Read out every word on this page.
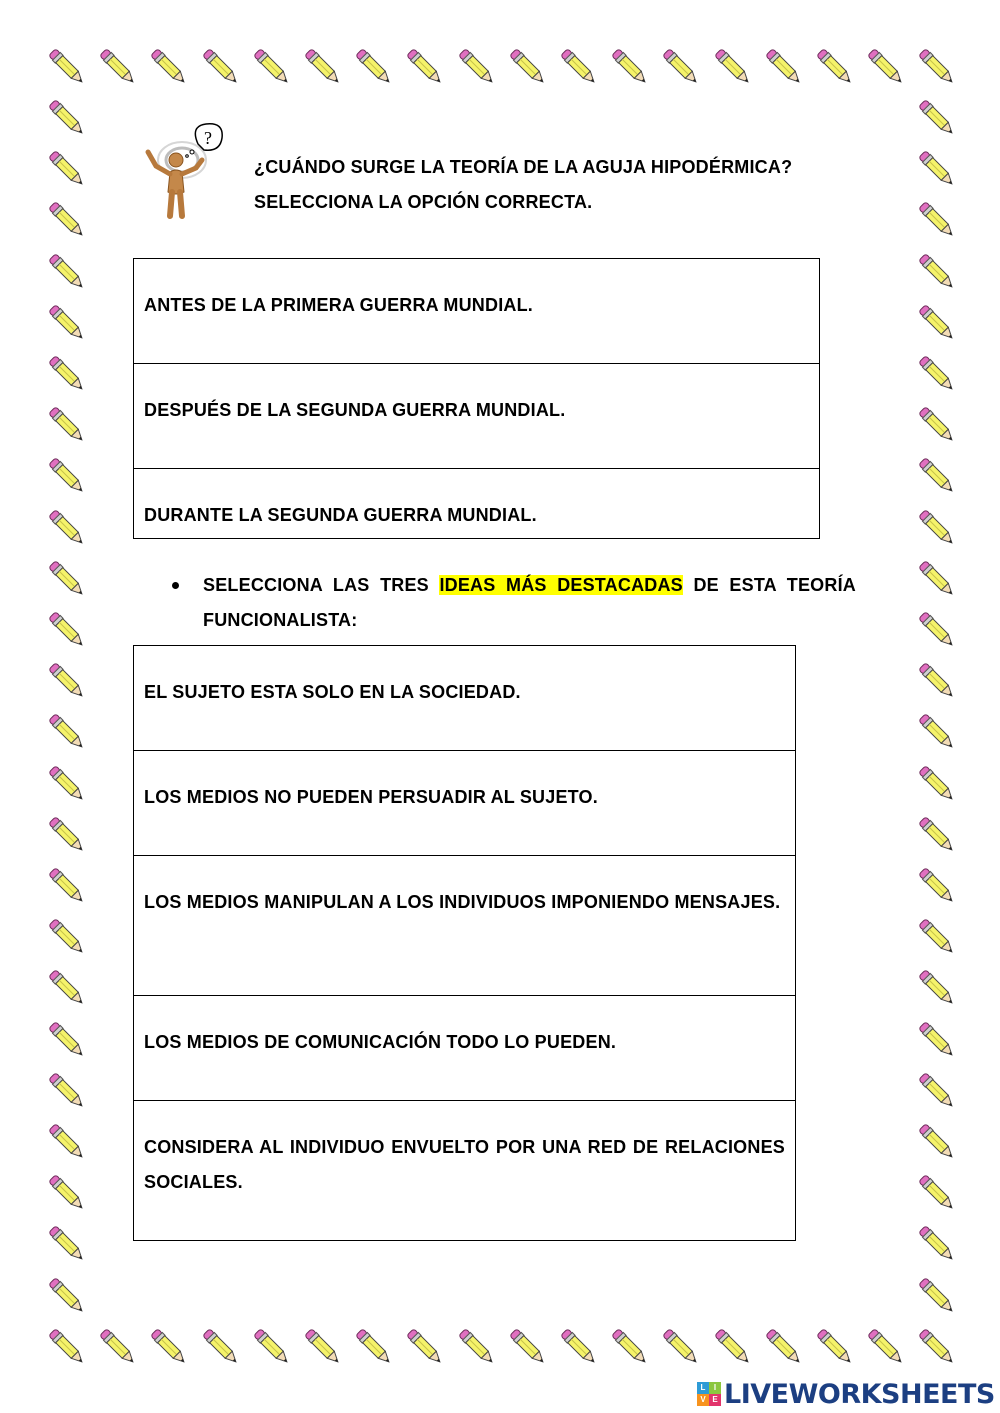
?
¿CUÁNDO SURGE LA TEORÍA DE LA AGUJA HIPODÉRMICA?
SELECCIONA LA OPCIÓN CORRECTA.
ANTES DE LA PRIMERA GUERRA MUNDIAL.

DESPUÉS DE LA SEGUNDA GUERRA MUNDIAL.

DURANTE LA SEGUNDA GUERRA MUNDIAL.
SELECCIONA LAS TRES IDEAS MÁS DESTACADAS DE ESTA TEORÍA FUNCIONALISTA:
EL SUJETO ESTA SOLO EN LA SOCIEDAD.

LOS MEDIOS NO PUEDEN PERSUADIR AL SUJETO.

LOS MEDIOS MANIPULAN A LOS INDIVIDUOS IMPONIENDO MENSAJES.

LOS MEDIOS DE COMUNICACIÓN TODO LO PUEDEN.

CONSIDERA AL INDIVIDUO ENVUELTO POR UNA RED DE RELACIONES SOCIALES.
L	I
V E LIVEWORKSHEETS
